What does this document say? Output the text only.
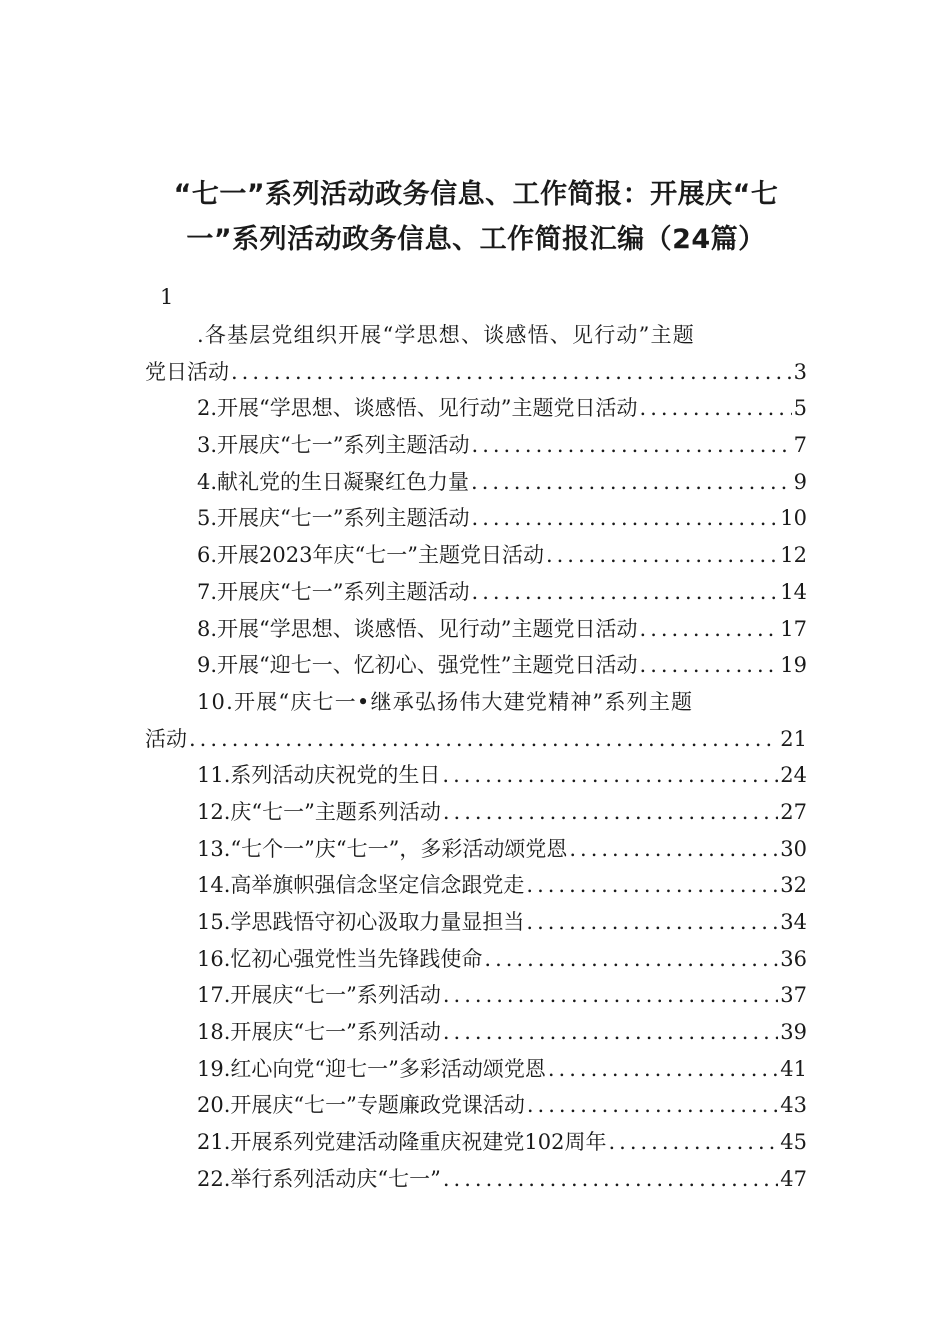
“七一”系列活动政务信息、工作简报：开展庆“七一”系列活动政务信息、工作简报汇编（24篇）
1
.各基层党组织开展“学思想、谈感悟、见行动”主题
党日活动 .....	3
2.开展“学思想、谈感悟、见行动”主题党日活动 .....	5
3.开展庆“七一”系列主题活动 .....	7
4.献礼党的生日凝聚红色力量 .....	9
5.开展庆“七一”系列主题活动 .....	10
6.开展2023年庆“七一”主题党日活动 .....	12
7.开展庆“七一”系列主题活动 .....	14
8.开展“学思想、谈感悟、见行动”主题党日活动 .....	17
9.开展“迎七一、忆初心、强党性”主题党日活动 .....	19
10.开展“庆七一•继承弘扬伟大建党精神”系列主题
活动 .....	21
11.系列活动庆祝党的生日 .....	24
12.庆“七一”主题系列活动 .....	27
13.“七个一”庆“七一”，多彩活动颂党恩 .....	30
14.高举旗帜强信念坚定信念跟党走 .....	32
15.学思践悟守初心汲取力量显担当 .....	34
16.忆初心强党性当先锋践使命 .....	36
17.开展庆“七一”系列活动 .....	37
18.开展庆“七一”系列活动 .....	39
19.红心向党“迎七一”多彩活动颂党恩 .....	41
20.开展庆“七一”专题廉政党课活动 .....	43
21.开展系列党建活动隆重庆祝建党102周年 .....	45
22.举行系列活动庆“七一” .....	47
